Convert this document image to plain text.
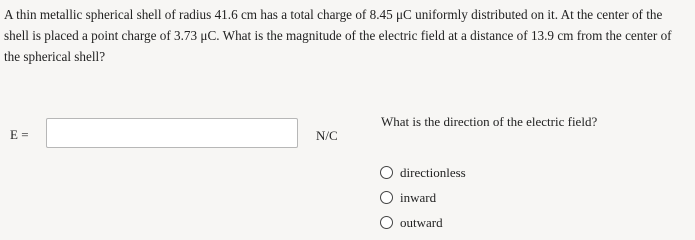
A thin metallic spherical shell of radius 41.6 cm has a total charge of 8.45 μC uniformly distributed on it. At the center of the shell is placed a point charge of 3.73 μC. What is the magnitude of the electric field at a distance of 13.9 cm from the center of the spherical shell?
E =	N/C
What is the direction of the electric field?
directionless
inward
outward
